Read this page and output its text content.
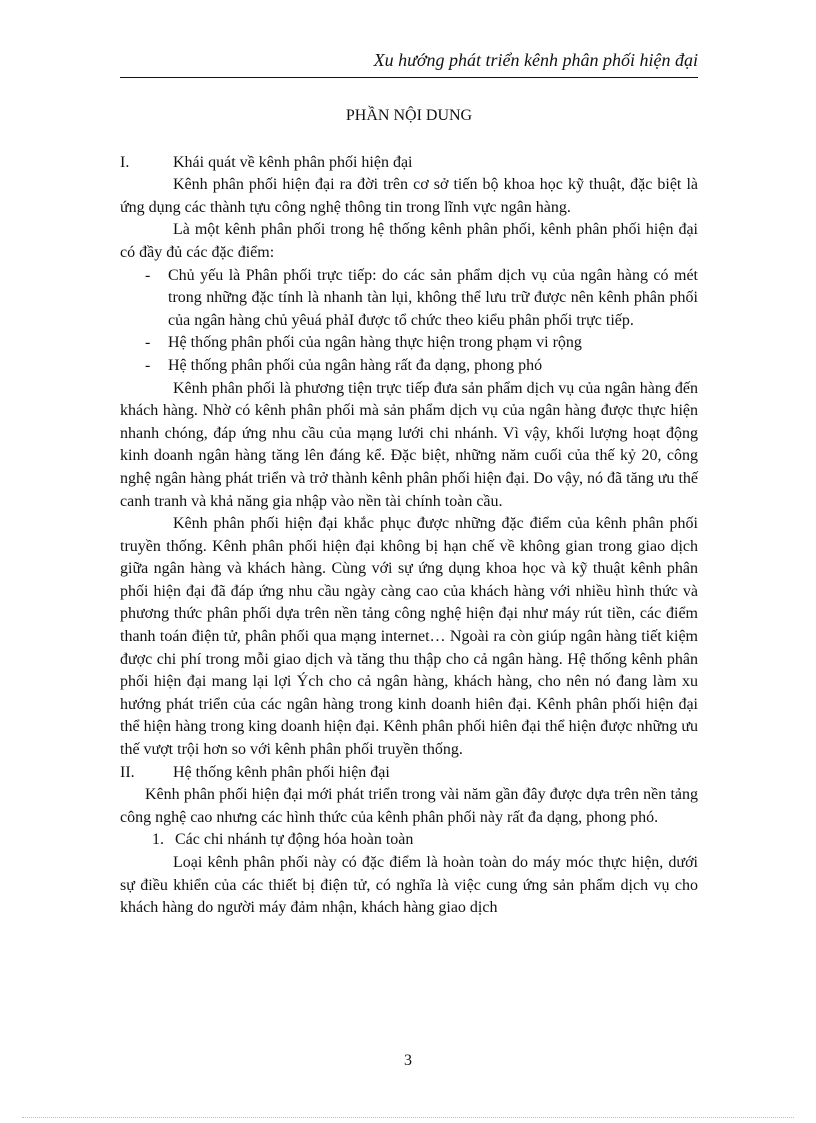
Xu hướng phát triển kênh phân phối hiện đại
PHẦN NỘI DUNG
I.	Khái quát về kênh phân phối hiện đại

Kênh phân phối hiện đại ra đời trên cơ sở tiến bộ khoa học kỹ thuật, đặc biệt là ứng dụng các thành tựu công nghệ thông tin trong lĩnh vực ngân hàng.

Là một kênh phân phối trong hệ thống kênh phân phối, kênh phân phối hiện đại có đầy đủ các đặc điểm:

-	Chủ yếu là Phân phối trực tiếp: do các sản phẩm dịch vụ của ngân hàng có mét trong những đặc tính là nhanh tàn lụi, không thể lưu trữ được nên kênh phân phối của ngân hàng chủ yêuá phảI được tổ chức theo kiểu phân phối trực tiếp.
-	Hệ thống phân phối của ngân hàng thực hiện trong phạm vi rộng
-	Hệ thống phân phối của ngân hàng rất đa dạng, phong phó

Kênh phân phối là phương tiện trực tiếp đưa sản phẩm dịch vụ của ngân hàng đến khách hàng. Nhờ có kênh phân phối mà sản phẩm dịch vụ của ngân hàng được thực hiện nhanh chóng, đáp ứng nhu cầu của mạng lưới chi nhánh. Vì vậy, khối lượng hoạt động kinh doanh ngân hàng tăng lên đáng kể. Đặc biệt, những năm cuối của thế kỷ 20, công nghệ ngân hàng phát triển và trở thành kênh phân phối hiện đại. Do vậy, nó đã tăng ưu thế canh tranh và khả năng gia nhập vào nền tài chính toàn cầu.

Kênh phân phối hiện đại khắc phục được những đặc điểm của kênh phân phối truyền thống. Kênh phân phối hiện đại không bị hạn chế về không gian trong giao dịch giữa ngân hàng và khách hàng. Cùng với sự ứng dụng khoa học và kỹ thuật kênh phân phối hiện đại đã đáp ứng nhu cầu ngày càng cao của khách hàng với nhiều hình thức và phương thức phân phối dựa trên nền tảng công nghệ hiện đại như máy rút tiền, các điểm thanh toán điện tử, phân phối qua mạng internet… Ngoài ra còn giúp ngân hàng tiết kiệm được chi phí trong mỗi giao dịch và tăng thu thập cho cả ngân hàng. Hệ thống kênh phân phối hiện đại mang lại lợi Ých cho cả ngân hàng, khách hàng, cho nên nó đang làm xu hướng phát triển của các ngân hàng trong kinh doanh hiên đại. Kênh phân phối hiện đại thể hiện hàng trong king doanh hiện đại. Kênh phân phối hiên đại thể hiện được những ưu thế vượt trội hơn so với kênh phân phối truyền thống.

II.	Hệ thống kênh phân phối hiện đại

Kênh phân phối hiện đại mới phát triển trong vài năm gần đây được dựa trên nền tảng công nghệ cao nhưng các hình thức của kênh phân phối này rất đa dạng, phong phó.

1. Các chi nhánh tự động hóa hoàn toàn

Loại kênh phân phối này có đặc điểm là hoàn toàn do máy móc thực hiện, dưới sự điều khiển của các thiết bị điện tử, có nghĩa là việc cung ứng sản phẩm dịch vụ cho khách hàng do người máy đảm nhận, khách hàng giao dịch

3
